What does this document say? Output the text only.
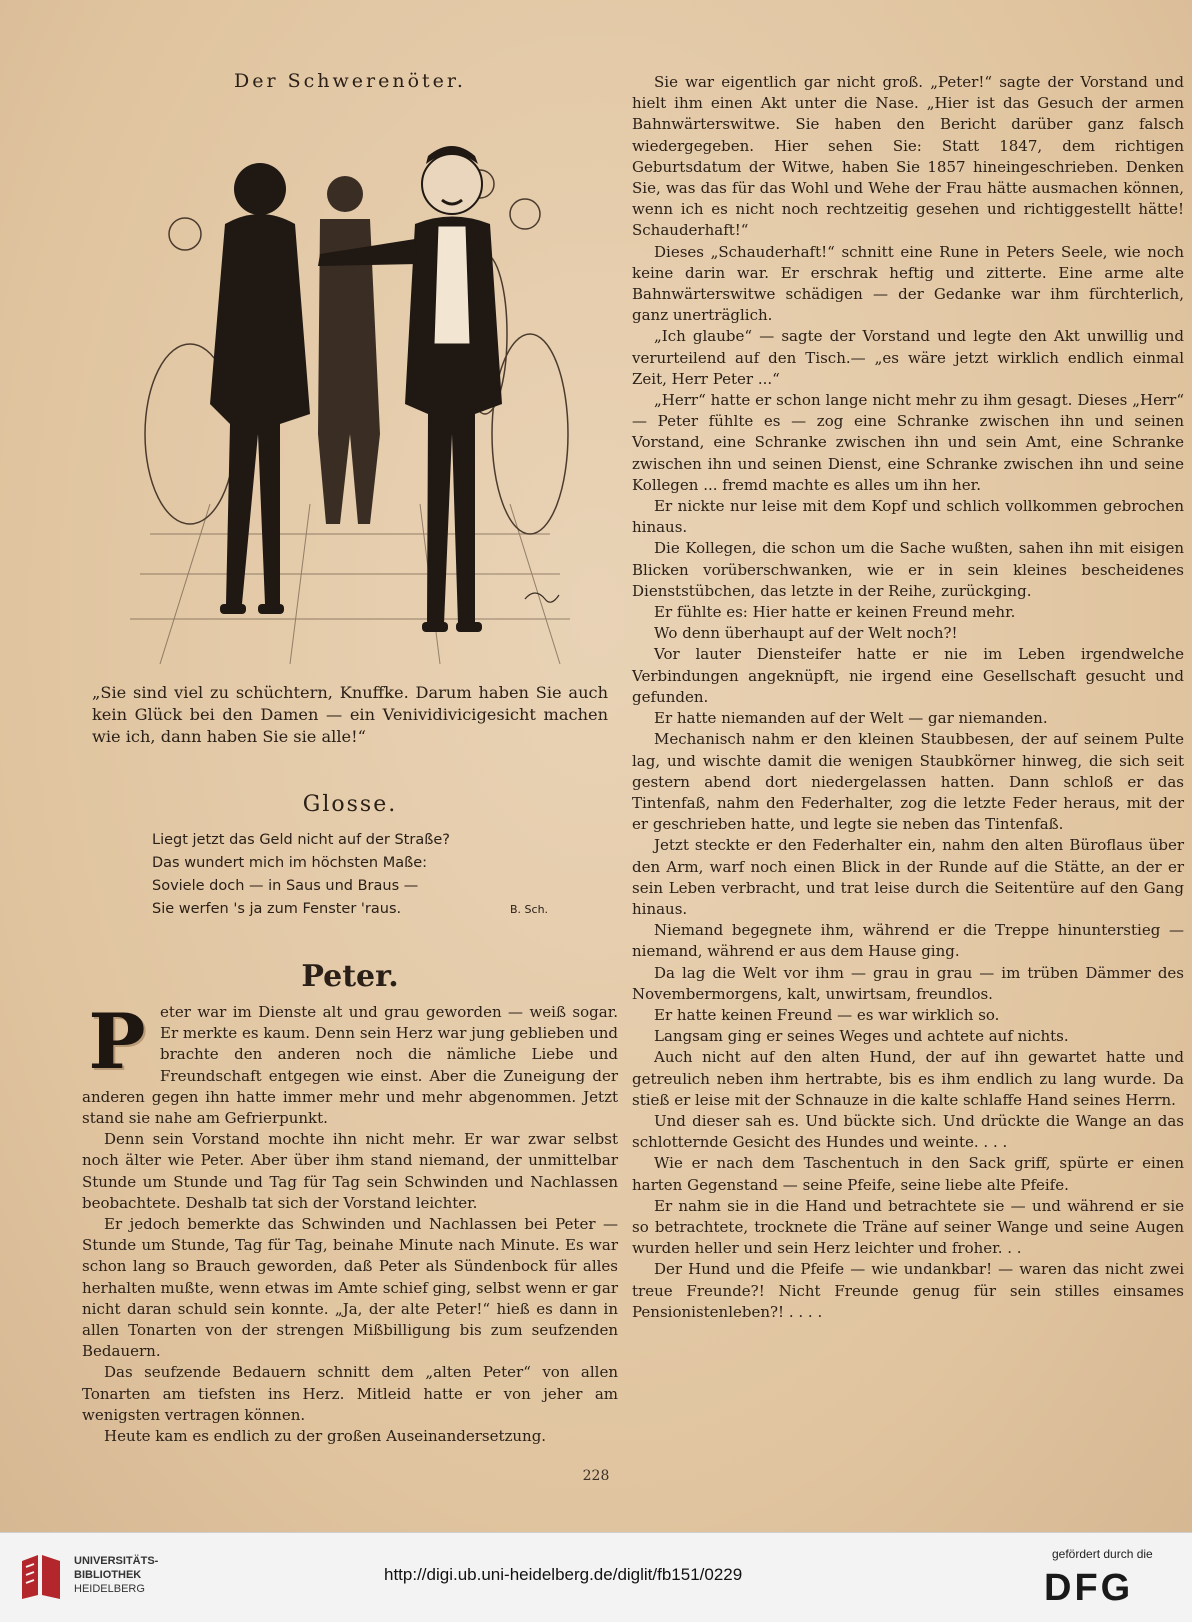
Der Schwerenöter.
„Sie sind viel zu schüchtern, Knuffke. Darum haben Sie auch kein Glück bei den Damen — ein Venividivicigesicht machen wie ich, dann haben Sie sie alle!“
Glosse.
Liegt jetzt das Geld nicht auf der Straße?
Das wundert mich im höchsten Maße:
Soviele doch — in Saus und Braus —
Sie werfen 's ja zum Fenster 'raus.	B. Sch.
Peter.

Peter war im Dienste alt und grau geworden — weiß sogar. Er merkte es kaum. Denn sein Herz war jung geblieben und brachte den anderen noch die nämliche Liebe und Freundschaft entgegen wie einst. Aber die Zuneigung der anderen gegen ihn hatte immer mehr und mehr abgenommen. Jetzt stand sie nahe am Gefrierpunkt.

Denn sein Vorstand mochte ihn nicht mehr. Er war zwar selbst noch älter wie Peter. Aber über ihm stand niemand, der unmittelbar Stunde um Stunde und Tag für Tag sein Schwinden und Nachlassen beobachtete. Deshalb tat sich der Vorstand leichter.

Er jedoch bemerkte das Schwinden und Nachlassen bei Peter — Stunde um Stunde, Tag für Tag, beinahe Minute nach Minute. Es war schon lang so Brauch geworden, daß Peter als Sündenbock für alles herhalten mußte, wenn etwas im Amte schief ging, selbst wenn er gar nicht daran schuld sein konnte. „Ja, der alte Peter!“ hieß es dann in allen Tonarten von der strengen Mißbilligung bis zum seufzenden Bedauern.

Das seufzende Bedauern schnitt dem „alten Peter“ von allen Tonarten am tiefsten ins Herz. Mitleid hatte er von jeher am wenigsten vertragen können.

Heute kam es endlich zu der großen Auseinandersetzung.

Sie war eigentlich gar nicht groß. „Peter!“ sagte der Vorstand und hielt ihm einen Akt unter die Nase. „Hier ist das Gesuch der armen Bahnwärterswitwe. Sie haben den Bericht darüber ganz falsch wiedergegeben. Hier sehen Sie: Statt 1847, dem richtigen Geburtsdatum der Witwe, haben Sie 1857 hineingeschrieben. Denken Sie, was das für das Wohl und Wehe der Frau hätte ausmachen können, wenn ich es nicht noch rechtzeitig gesehen und richtiggestellt hätte! Schauderhaft!“

Dieses „Schauderhaft!“ schnitt eine Rune in Peters Seele, wie noch keine darin war. Er erschrak heftig und zitterte. Eine arme alte Bahnwärterswitwe schädigen — der Gedanke war ihm fürchterlich, ganz unerträglich.

„Ich glaube“ — sagte der Vorstand und legte den Akt unwillig und verurteilend auf den Tisch.— „es wäre jetzt wirklich endlich einmal Zeit, Herr Peter ...“

„Herr“ hatte er schon lange nicht mehr zu ihm gesagt. Dieses „Herr“ — Peter fühlte es — zog eine Schranke zwischen ihn und seinen Vorstand, eine Schranke zwischen ihn und sein Amt, eine Schranke zwischen ihn und seinen Dienst, eine Schranke zwischen ihn und seine Kollegen ... fremd machte es alles um ihn her.

Er nickte nur leise mit dem Kopf und schlich vollkommen gebrochen hinaus.

Die Kollegen, die schon um die Sache wußten, sahen ihn mit eisigen Blicken vorüberschwanken, wie er in sein kleines bescheidenes Dienststübchen, das letzte in der Reihe, zurückging.

Er fühlte es: Hier hatte er keinen Freund mehr.

Wo denn überhaupt auf der Welt noch?!

Vor lauter Diensteifer hatte er nie im Leben irgendwelche Verbindungen angeknüpft, nie irgend eine Gesellschaft gesucht und gefunden.

Er hatte niemanden auf der Welt — gar niemanden.

Mechanisch nahm er den kleinen Staubbesen, der auf seinem Pulte lag, und wischte damit die wenigen Staubkörner hinweg, die sich seit gestern abend dort niedergelassen hatten. Dann schloß er das Tintenfaß, nahm den Federhalter, zog die letzte Feder heraus, mit der er geschrieben hatte, und legte sie neben das Tintenfaß.

Jetzt steckte er den Federhalter ein, nahm den alten Büroflaus über den Arm, warf noch einen Blick in der Runde auf die Stätte, an der er sein Leben verbracht, und trat leise durch die Seitentüre auf den Gang hinaus.

Niemand begegnete ihm, während er die Treppe hinunterstieg — niemand, während er aus dem Hause ging.

Da lag die Welt vor ihm — grau in grau — im trüben Dämmer des Novembermorgens, kalt, unwirtsam, freundlos.

Er hatte keinen Freund — es war wirklich so.

Langsam ging er seines Weges und achtete auf nichts.

Auch nicht auf den alten Hund, der auf ihn gewartet hatte und getreulich neben ihm hertrabte, bis es ihm endlich zu lang wurde. Da stieß er leise mit der Schnauze in die kalte schlaffe Hand seines Herrn.

Und dieser sah es. Und bückte sich. Und drückte die Wange an das schlotternde Gesicht des Hundes und weinte. . . .

Wie er nach dem Taschentuch in den Sack griff, spürte er einen harten Gegenstand — seine Pfeife, seine liebe alte Pfeife.

Er nahm sie in die Hand und betrachtete sie — und während er sie so betrachtete, trocknete die Träne auf seiner Wange und seine Augen wurden heller und sein Herz leichter und froher. . .

Der Hund und die Pfeife — wie undankbar! — waren das nicht zwei treue Freunde?! Nicht Freunde genug für sein stilles einsames Pensionistenleben?! . . . .

228
UNIVERSITÄTS-
BIBLIOTHEK
HEIDELBERG
http://digi.ub.uni-heidelberg.de/diglit/fb151/0229
gefördert durch die
DFG
